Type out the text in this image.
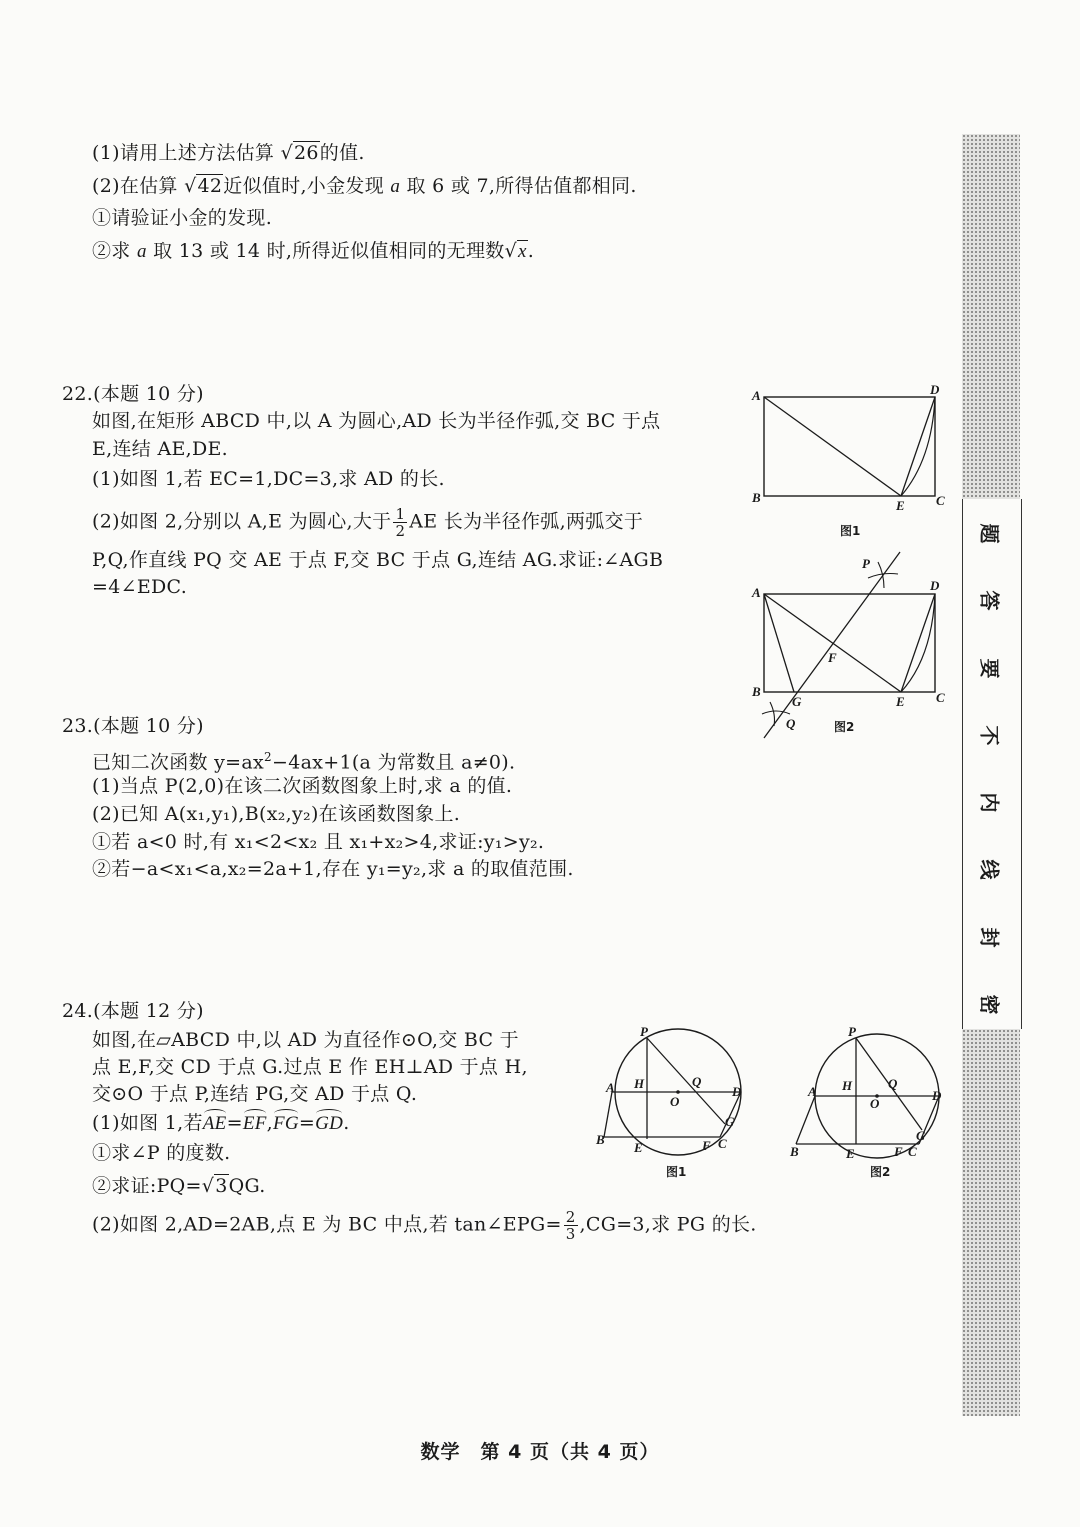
(1)请用上述方法估算 √26的值.
(2)在估算 √42近似值时,小金发现 a 取 6 或 7,所得估值都相同.
①请验证小金的发现.
②求 a 取 13 或 14 时,所得近似值相同的无理数√x.
22.(本题 10 分)
如图,在矩形 ABCD 中,以 A 为圆心,AD 长为半径作弧,交 BC 于点
E,连结 AE,DE.
(1)如图 1,若 EC=1,DC=3,求 AD 的长.
(2)如图 2,分别以 A,E 为圆心,大于 $\frac{1}{2}$ AE 长为半径作弧,两弧交于
P,Q,作直线 PQ 交 AE 于点 F,交 BC 于点 G,连结 AG.求证:∠AGB
=4∠EDC.
A	D
B
E C
图1
P
A	D
F
B
G	E C
Q	图2
23.(本题 10 分)
已知二次函数 $y=ax^2-4ax+1(a$ 为常数且 a≠0).
(1)当点 P(2,0)在该二次函数图象上时,求 a 的值.
(2)已知 A(x₁,y₁),B(x₂,y₂)在该函数图象上.
①若 a<0 时,有 x₁<2<x₂ 且 x₁+x₂>4,求证:y₁>y₂.
②若−a<x₁<a,x₂=2a+1,存在 y₁=y₂,求 a 的取值范围.
24.(本题 12 分)
如图,在▱ABCD 中,以 AD 为直径作⊙O,交 BC 于
点 E,F,交 CD 于点 G.过点 E 作 EH⊥AD 于点 H,
交⊙O 于点 P,连结 PG,交 AD 于点 Q.
(1)如图 1,若AE=EF,FG=GD.
①求∠P 的度数.
②求证:PQ=√3QG.
(2)如图 2,AD=2AB,点 E 为 BC 中点,若 tan∠EPG= $\frac{2}{3} ,CG=3$,求 PG 的长.
P
A H	Q
D
O
G
B
E	F C
图1
P
A H	Q
D
O
G
B	E	F C
图2
题
答
要
不
内
线
封
密
数学　第 4 页（共 4 页）
